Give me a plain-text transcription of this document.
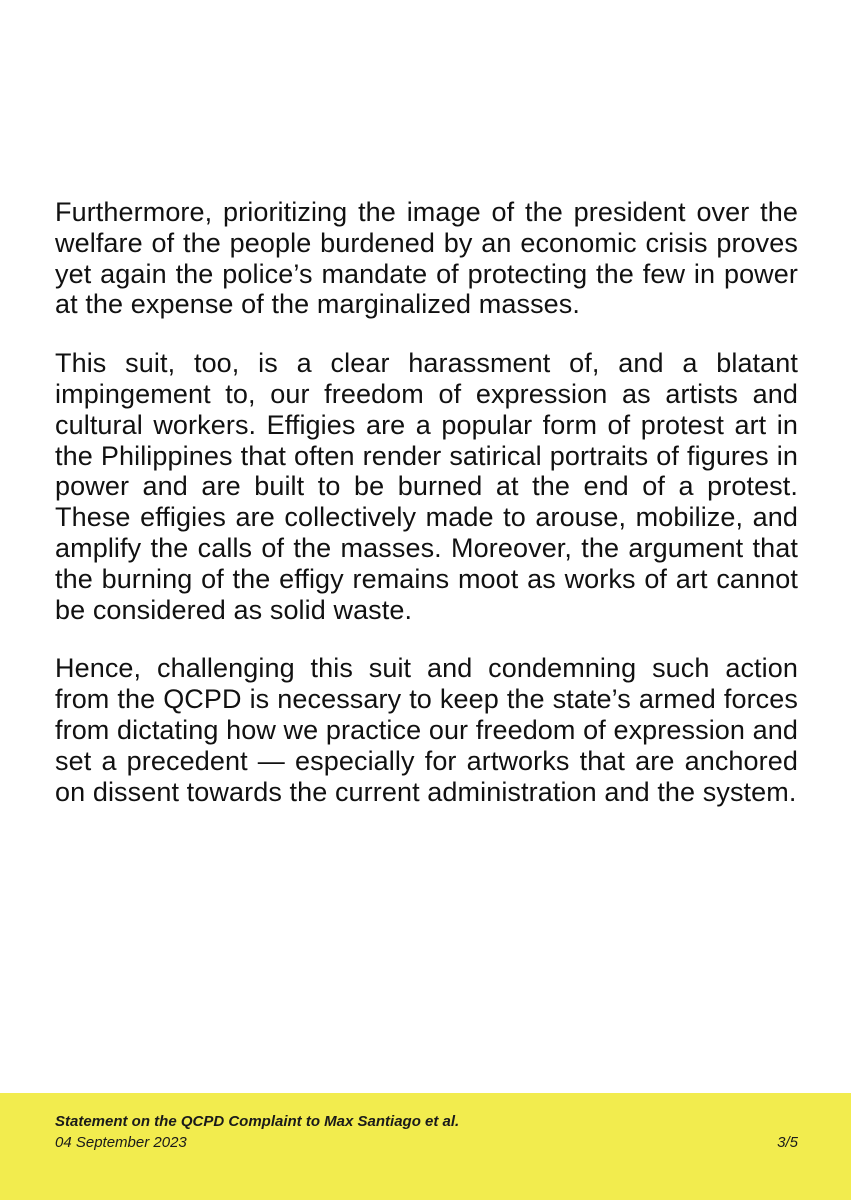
Furthermore, prioritizing the image of the president over the welfare of the people burdened by an economic crisis proves yet again the police’s mandate of protecting the few in power at the expense of the marginalized masses.

This suit, too, is a clear harassment of, and a blatant impingement to, our freedom of expression as artists and cultural workers. Effigies are a popular form of protest art in the Philippines that often render satirical portraits of figures in power and are built to be burned at the end of a protest. These effigies are collectively made to arouse, mobilize, and amplify the calls of the masses. Moreover, the argument that the burning of the effigy remains moot as works of art cannot be considered as solid waste.

Hence, challenging this suit and condemning such action from the QCPD is necessary to keep the state’s armed forces from dictating how we practice our freedom of expression and set a precedent — especially for artworks that are anchored on dissent towards the current administration and the system.

Statement on the QCPD Complaint to Max Santiago et al.
04 September 2023	3/5
